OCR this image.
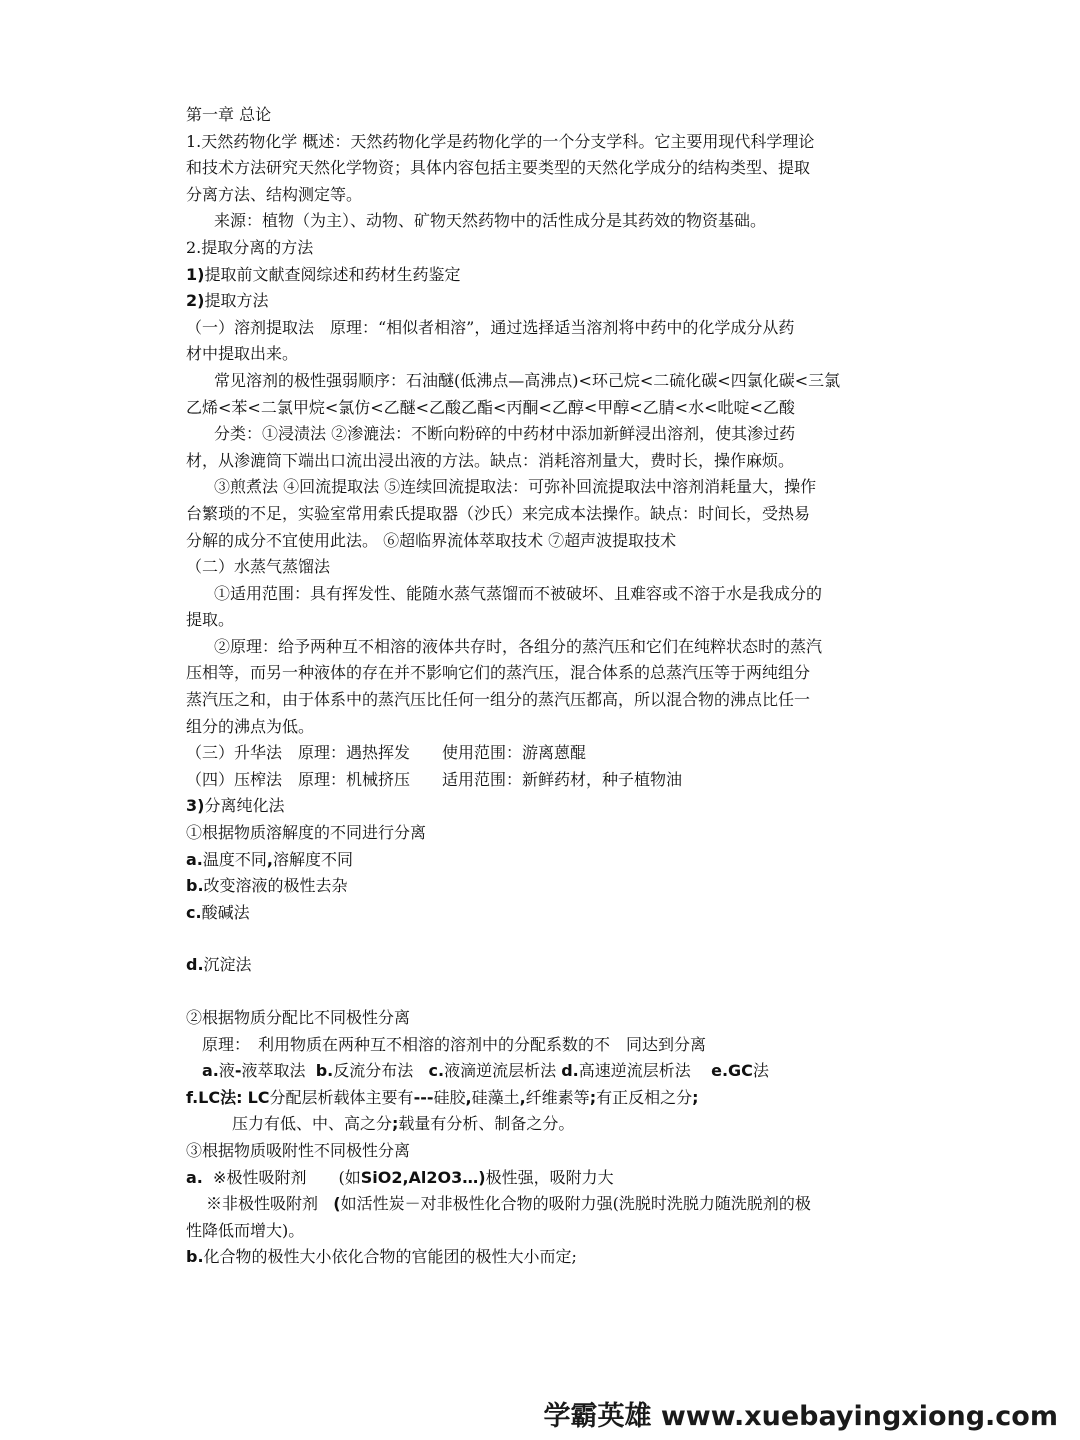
第一章 总论
1.天然药物化学 概述：天然药物化学是药物化学的一个分支学科。它主要用现代科学理论
和技术方法研究天然化学物资；具体内容包括主要类型的天然化学成分的结构类型、提取
分离方法、结构测定等。
来源：植物（为主）、动物、矿物天然药物中的活性成分是其药效的物资基础。
2.提取分离的方法
1)提取前文献查阅综述和药材生药鉴定
2)提取方法
（一）溶剂提取法　原理：“相似者相溶”，通过选择适当溶剂将中药中的化学成分从药
材中提取出来。
常见溶剂的极性强弱顺序：石油醚(低沸点—高沸点)<环己烷<二硫化碳<四氯化碳<三氯
乙烯<苯<二氯甲烷<氯仿<乙醚<乙酸乙酯<丙酮<乙醇<甲醇<乙腈<水<吡啶<乙酸
分类：①浸渍法 ②渗漉法：不断向粉碎的中药材中添加新鲜浸出溶剂，使其渗过药
材，从渗漉筒下端出口流出浸出液的方法。缺点：消耗溶剂量大，费时长，操作麻烦。
③煎煮法 ④回流提取法 ⑤连续回流提取法：可弥补回流提取法中溶剂消耗量大，操作
台繁琐的不足，实验室常用索氏提取器（沙氏）来完成本法操作。缺点：时间长，受热易
分解的成分不宜使用此法。 ⑥超临界流体萃取技术 ⑦超声波提取技术
（二）水蒸气蒸馏法
①适用范围：具有挥发性、能随水蒸气蒸馏而不被破坏、且难容或不溶于水是我成分的
提取。
②原理：给予两种互不相溶的液体共存时，各组分的蒸汽压和它们在纯粹状态时的蒸汽
压相等，而另一种液体的存在并不影响它们的蒸汽压，混合体系的总蒸汽压等于两纯组分
蒸汽压之和，由于体系中的蒸汽压比任何一组分的蒸汽压都高，所以混合物的沸点比任一
组分的沸点为低。
（三）升华法　原理：遇热挥发　　使用范围：游离蒽醌
（四）压榨法　原理：机械挤压　　适用范围：新鲜药材，种子植物油
3)分离纯化法
①根据物质溶解度的不同进行分离
a.温度不同,溶解度不同
b.改变溶液的极性去杂
c.酸碱法
d.沉淀法
②根据物质分配比不同极性分离
原理：　利用物质在两种互不相溶的溶剂中的分配系数的不　同达到分离
a.液-液萃取法 b.反流分布法 c.液滴逆流层析法 d.高速逆流层析法 e.GC法
f.LC法: LC分配层析载体主要有---硅胶,硅藻土,纤维素等;有正反相之分;
压力有低、中、高之分;载量有分析、制备之分。
③根据物质吸附性不同极性分离
a. ※极性吸附剂　　(如SiO2,Al2O3…)极性强，吸附力大
※非极性吸附剂 (如活性炭－对非极性化合物的吸附力强(洗脱时洗脱力随洗脱剂的极
性降低而增大)。
b.化合物的极性大小依化合物的官能团的极性大小而定;
学霸英雄 www.xuebayingxiong.com
